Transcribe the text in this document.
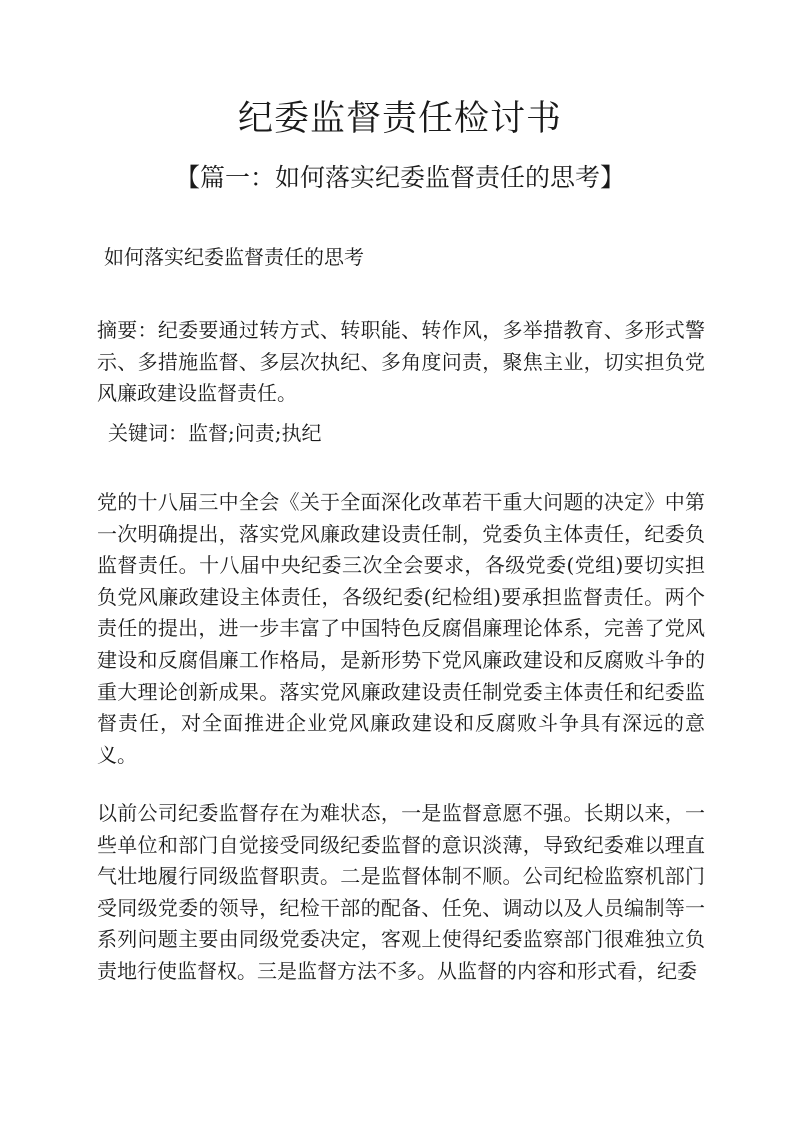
纪委监督责任检讨书
【篇一：如何落实纪委监督责任的思考】

如何落实纪委监督责任的思考

摘要：纪委要通过转方式、转职能、转作风，多举措教育、多形式警示、多措施监督、多层次执纪、多角度问责，聚焦主业，切实担负党风廉政建设监督责任。

关键词：监督;问责;执纪

党的十八届三中全会《关于全面深化改革若干重大问题的决定》中第一次明确提出，落实党风廉政建设责任制，党委负主体责任，纪委负监督责任。十八届中央纪委三次全会要求，各级党委(党组)要切实担负党风廉政建设主体责任，各级纪委(纪检组)要承担监督责任。两个责任的提出，进一步丰富了中国特色反腐倡廉理论体系，完善了党风建设和反腐倡廉工作格局，是新形势下党风廉政建设和反腐败斗争的重大理论创新成果。落实党风廉政建设责任制党委主体责任和纪委监督责任，对全面推进企业党风廉政建设和反腐败斗争具有深远的意义。

以前公司纪委监督存在为难状态，一是监督意愿不强。长期以来，一些单位和部门自觉接受同级纪委监督的意识淡薄，导致纪委难以理直气壮地履行同级监督职责。二是监督体制不顺。公司纪检监察机部门受同级党委的领导，纪检干部的配备、任免、调动以及人员编制等一系列问题主要由同级党委决定，客观上使得纪委监察部门很难独立负责地行使监督权。三是监督方法不多。从监督的内容和形式看，纪委
